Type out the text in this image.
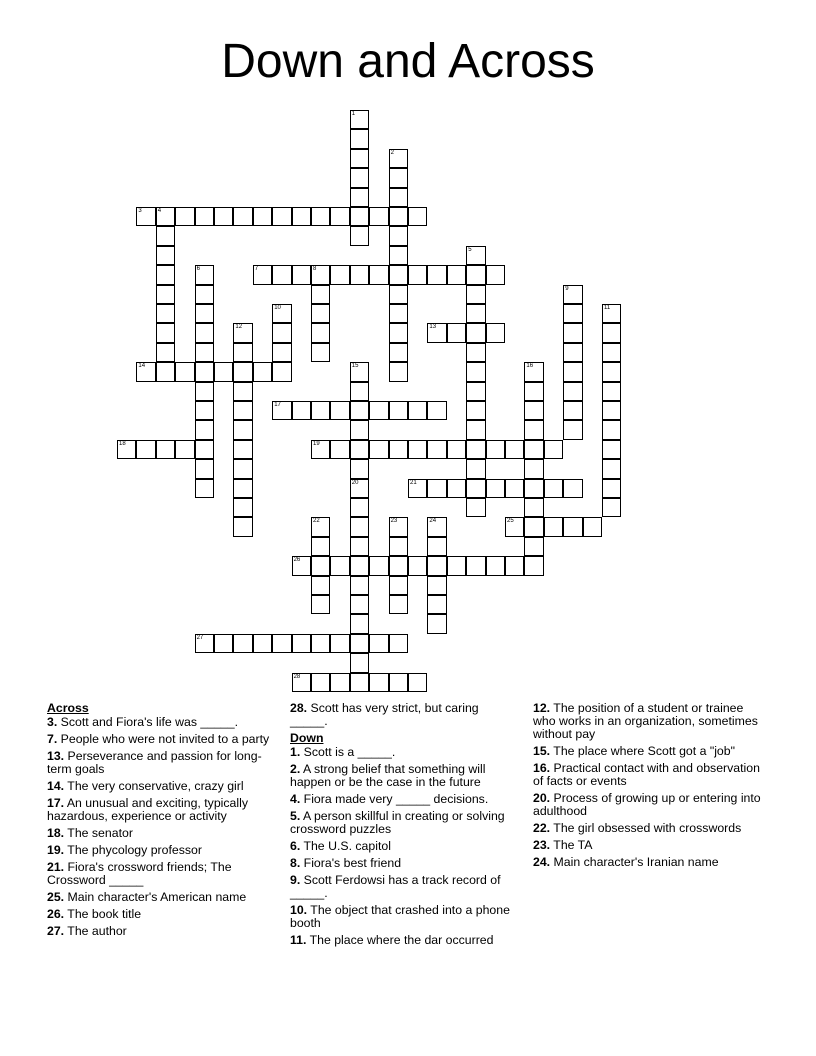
Down and Across
1
2
3	4
5
6	7	8
9
10	11
12	13
14	15	16
17
18	19
20	21
22	23	24	25
26
27
28
Across
3. Scott and Fiora's life was _____.
7. People who were not invited to a party
13. Perseverance and passion for long-term goals
14. The very conservative, crazy girl
17. An unusual and exciting, typically hazardous, experience or activity
18. The senator
19. The phycology professor
21. Fiora's crossword friends; The Crossword _____
25. Main character's American name
26. The book title
27. The author
28. Scott has very strict, but caring _____.
Down
1. Scott is a _____.
2. A strong belief that something will happen or be the case in the future
4. Fiora made very _____ decisions.
5. A person skillful in creating or solving crossword puzzles
6. The U.S. capitol
8. Fiora's best friend
9. Scott Ferdowsi has a track record of _____.
10. The object that crashed into a phone booth
11. The place where the dar occurred
12. The position of a student or trainee who works in an organization, sometimes without pay
15. The place where Scott got a "job"
16. Practical contact with and observation of facts or events
20. Process of growing up or entering into adulthood
22. The girl obsessed with crosswords
23. The TA
24. Main character's Iranian name
